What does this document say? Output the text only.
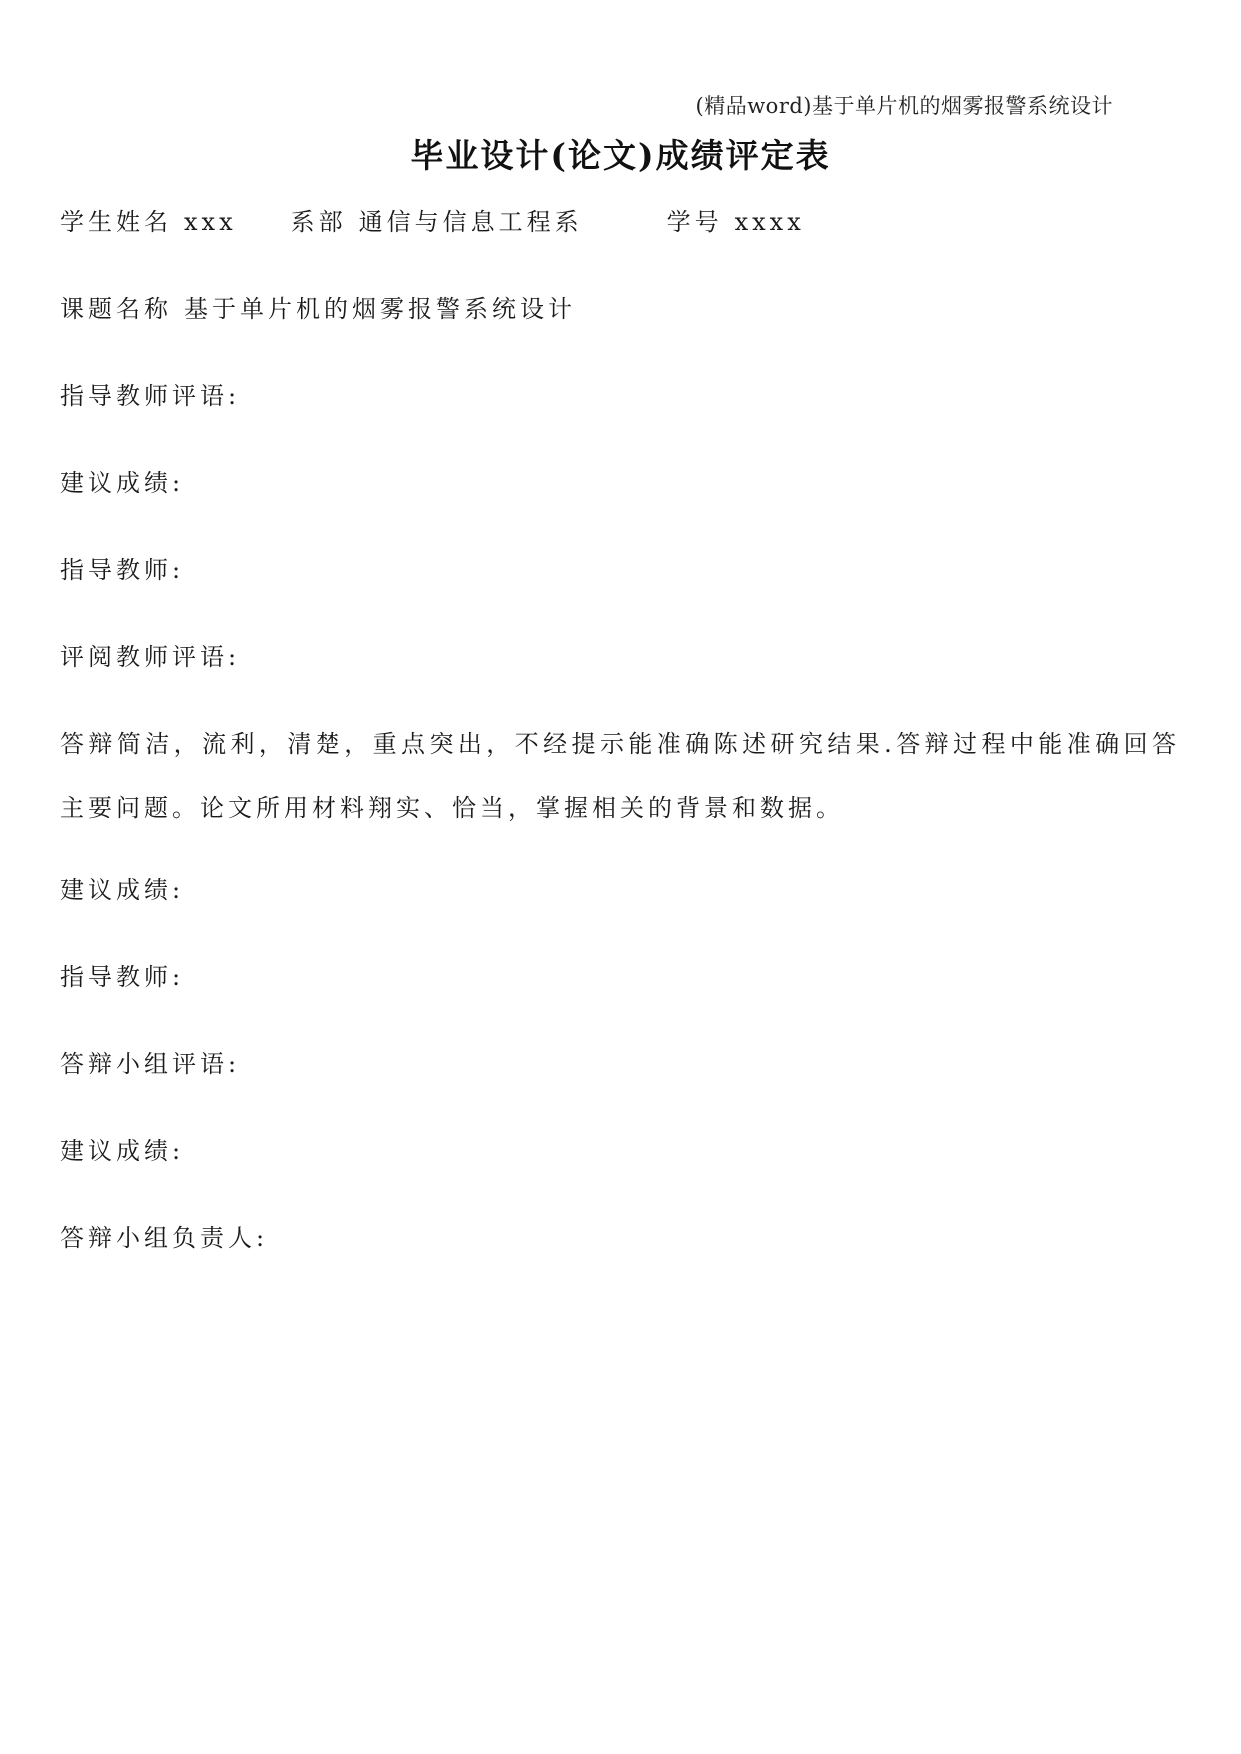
(精品word)基于单片机的烟雾报警系统设计
毕业设计(论文)成绩评定表
学生姓名 xxx 系部 通信与信息工程系	学号 xxxx
课题名称 基于单片机的烟雾报警系统设计
指导教师评语:
建议成绩:
指导教师:
评阅教师评语:
答辩简洁，流利，清楚，重点突出，不经提示能准确陈述研究结果.答辩过程中能准确回答主要问题。论文所用材料翔实、恰当，掌握相关的背景和数据。
建议成绩:
指导教师:
答辩小组评语:
建议成绩:
答辩小组负责人:
